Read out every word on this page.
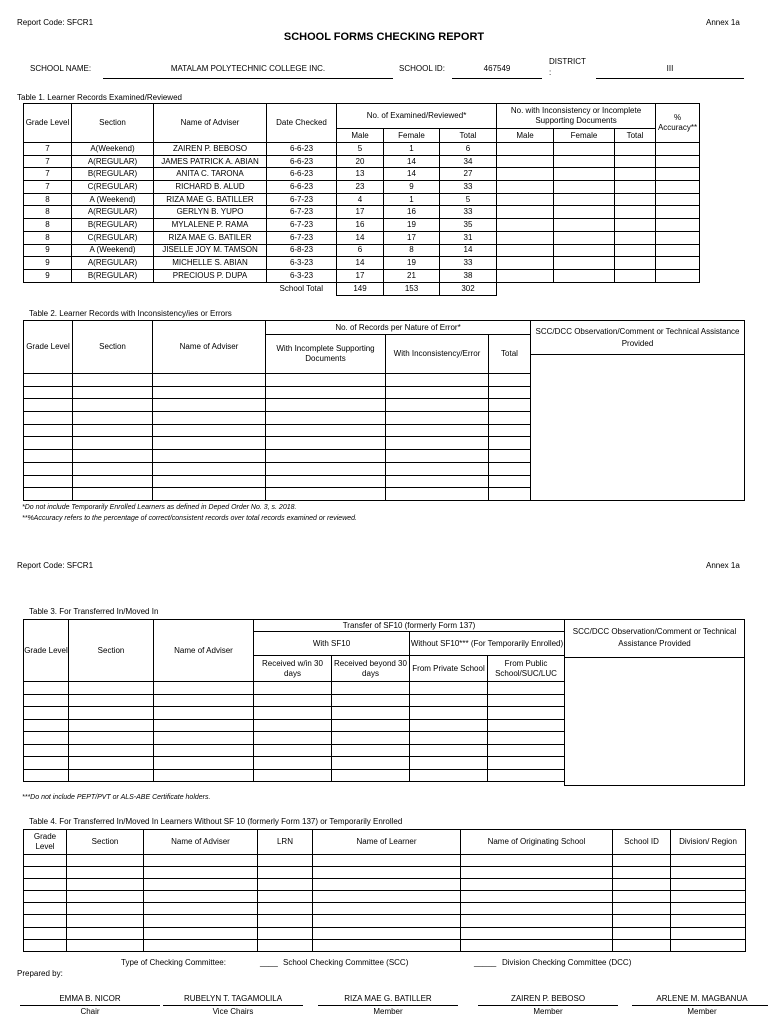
Report Code: SFCR1	Annex 1a
SCHOOL FORMS CHECKING REPORT
SCHOOL NAME:	MATALAM POLYTECHNIC COLLEGE INC.	SCHOOL ID:	467549
DISTRICT
:	III
Table 1. Learner Records Examined/Reviewed
Grade Level	Section	Name of Adviser	Date Checked	No. of Examined/Reviewed*			No. with Inconsistency or Incomplete Supporting Documents			% Accuracy**
				Male	Female	Total	Male	Female	Total	
7	A(Weekend)	ZAIREN P. BEBOSO	6-6-23	5	1	6				
7	A(REGULAR)	JAMES PATRICK A. ABIAN	6-6-23	20	14	34				
7	B(REGULAR)	ANITA C. TARONA	6-6-23	13	14	27				
7	C(REGULAR)	RICHARD B. ALUD	6-6-23	23	9	33				
8	A (Weekend)	RIZA MAE G. BATILLER	6-7-23	4	1	5				
8	A(REGULAR)	GERLYN B. YUPO	6-7-23	17	16	33				
8	B(REGULAR)	MYLALENE P. RAMA	6-7-23	16	19	35				
8	C(REGULAR)	RIZA MAE G. BATILER	6-7-23	14	17	31				
9	A (Weekend)	JISELLE JOY M. TAMSON	6-8-23	6	8	14				
9	A(REGULAR)	MICHELLE S. ABIAN	6-3-23	14	19	33				
9	B(REGULAR)	PRECIOUS P. DUPA	6-3-23	17	21	38				
			School Total	149	153	302				
Table 2. Learner Records with Inconsistency/ies or Errors
Grade Level	Section	Name of Adviser	No. of Records per Nature of Error*		
			With Incomplete Supporting Documents	With Inconsistency/Error	Total

SCC/DCC Observation/Comment or Technical Assistance Provided
*Do not include Temporarily Enrolled Learners as defined in Deped Order No. 3, s. 2018.
**%Accuracy refers to the percentage of correct/consistent records over total records examined or reviewed.
Report Code: SFCR1	Annex 1a
Table 3. For Transferred In/Moved In
Grade Level	Section	Name of Adviser	Transfer of SF10 (formerly Form 137)			
			With SF10		Without SF10*** (For Temporarily Enrolled)	
			Received w/in 30 days	Received beyond 30 days	From Private School	From Public School/SUC/LUC

SCC/DCC Observation/Comment or Technical Assistance Provided
***Do not include PEPT/PVT or ALS-ABE Certificate holders.
Table 4. For Transferred In/Moved In Learners Without SF 10 (formerly Form 137) or Temporarily Enrolled
Grade Level	Section	Name of Adviser	LRN	Name of Learner	Name of Originating School	School ID	Division/ Region

Type of Checking Committee:	____ School Checking Committee (SCC)	_____ Division Checking Committee (DCC)
Prepared by:
EMMA B. NICOR
Chair
RUBELYN T. TAGAMOLILA
Vice Chairs
RIZA MAE G. BATILLER
Member
ZAIREN P. BEBOSO
Member
ARLENE M. MAGBANUA
Member
